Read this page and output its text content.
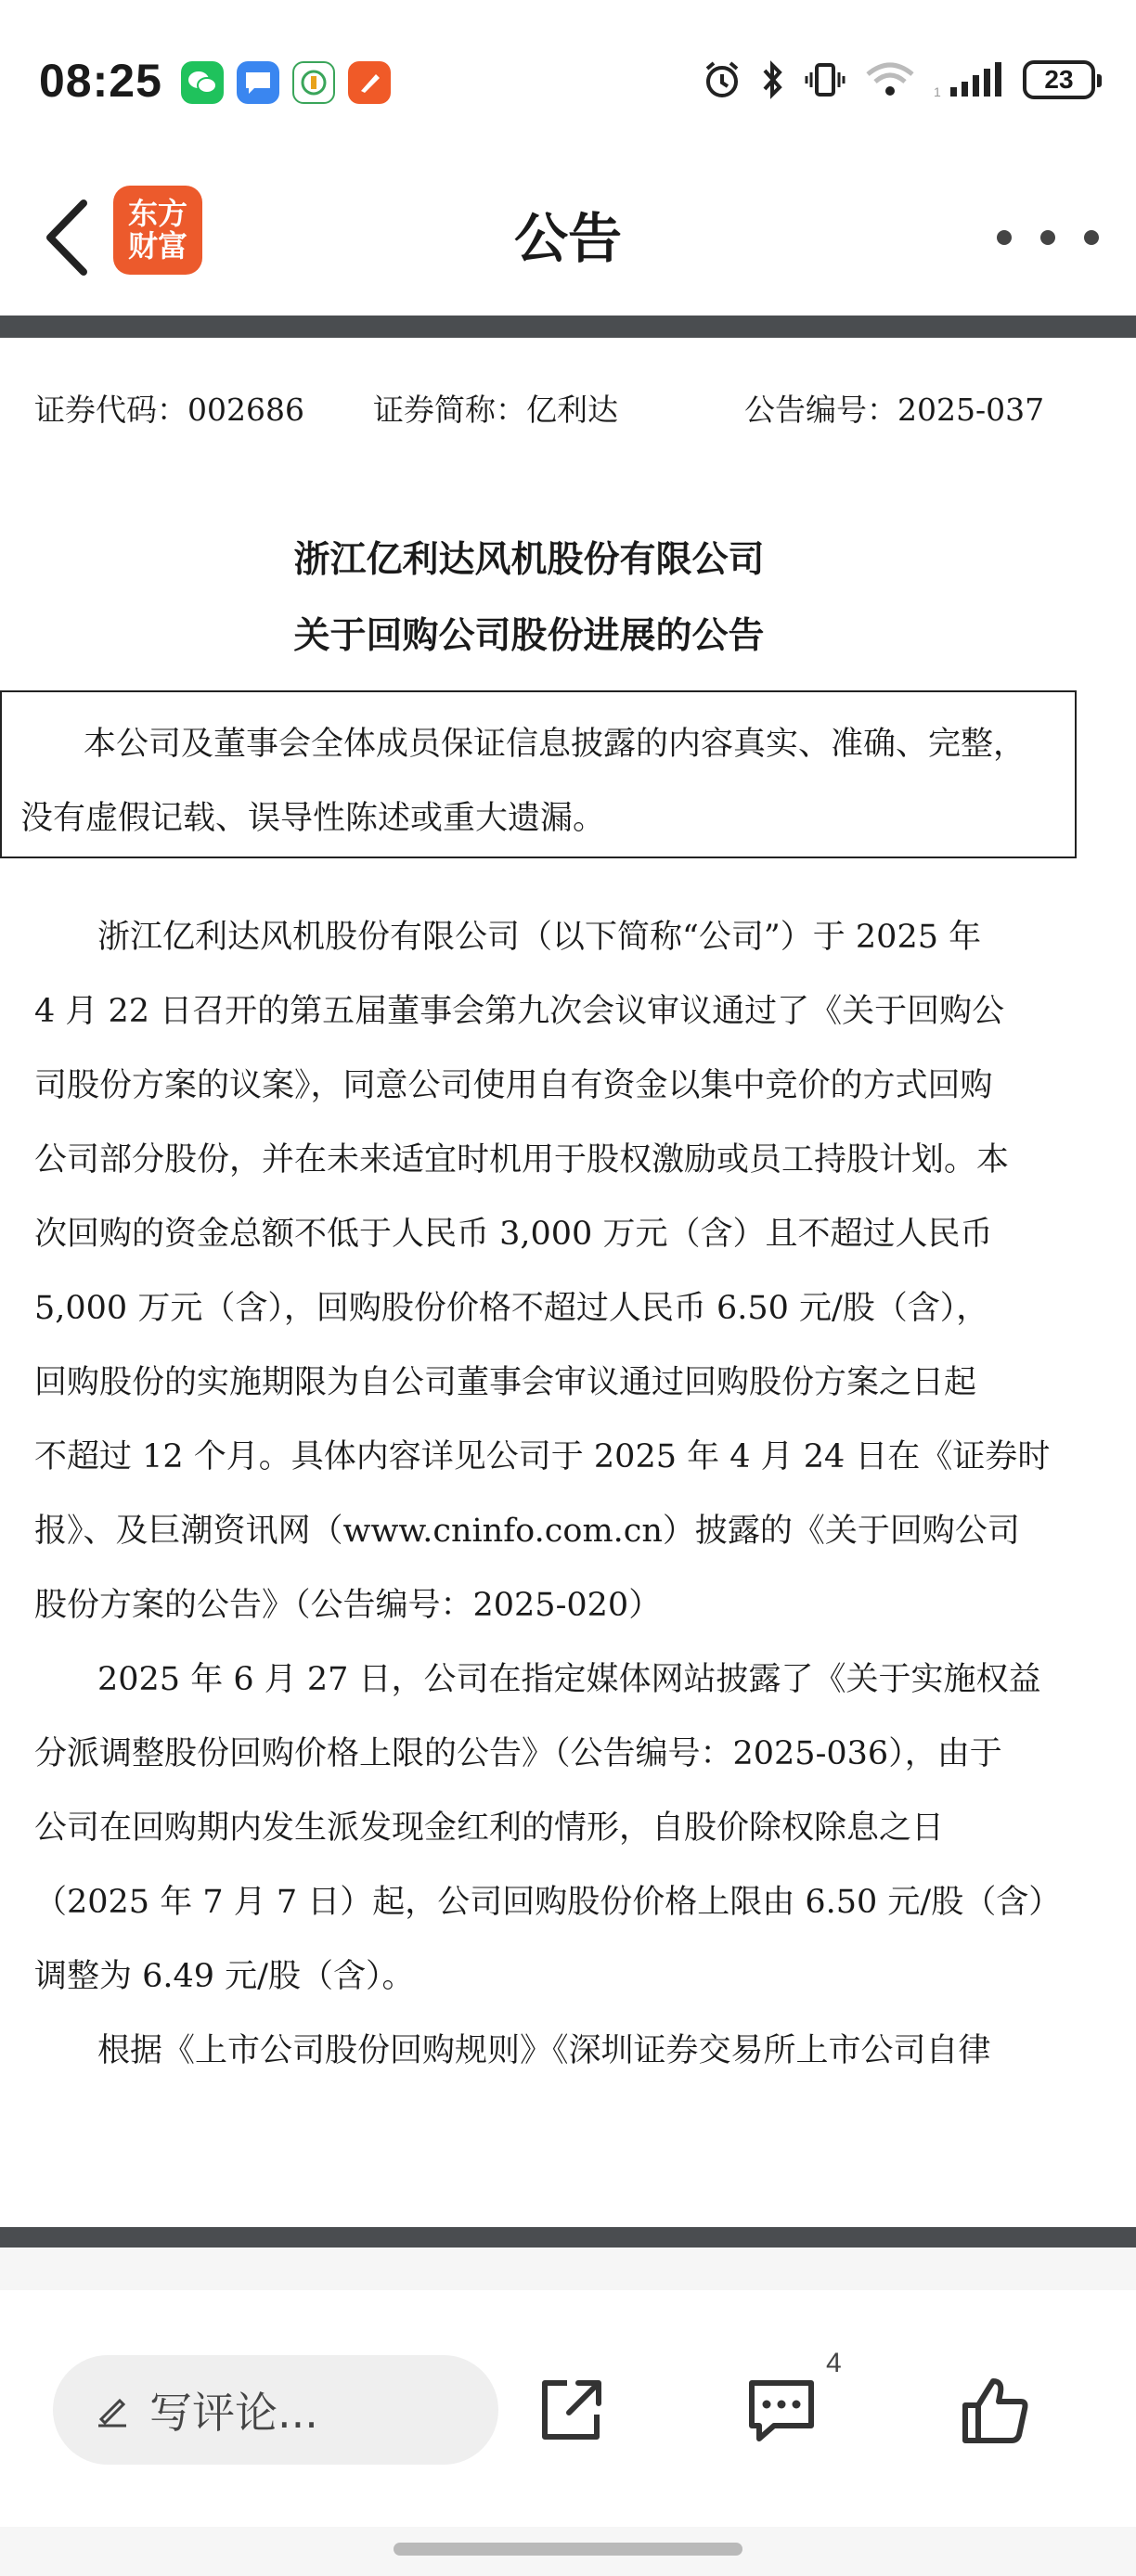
08:25	1	23
东方
财富	公告
证券代码：002686 证券简称：亿利达	公告编号：2025-037
浙江亿利达风机股份有限公司
关于回购公司股份进展的公告
本公司及董事会全体成员保证信息披露的内容真实、准确、完整，
没有虚假记载、误导性陈述或重大遗漏。
浙江亿利达风机股份有限公司（以下简称“公司”）于 2025 年
4 月 22 日召开的第五届董事会第九次会议审议通过了《关于回购公
司股份方案的议案》，同意公司使用自有资金以集中竞价的方式回购
公司部分股份，并在未来适宜时机用于股权激励或员工持股计划。本
次回购的资金总额不低于人民币 3,000 万元（含）且不超过人民币
5,000 万元（含），回购股份价格不超过人民币 6.50 元/股（含），
回购股份的实施期限为自公司董事会审议通过回购股份方案之日起
不超过 12 个月。具体内容详见公司于 2025 年 4 月 24 日在《证券时
报》、及巨潮资讯网（www.cninfo.com.cn）披露的《关于回购公司
股份方案的公告》（公告编号：2025-020）
2025 年 6 月 27 日，公司在指定媒体网站披露了《关于实施权益
分派调整股份回购价格上限的公告》（公告编号：2025-036），由于
公司在回购期内发生派发现金红利的情形，自股价除权除息之日
（2025 年 7 月 7 日）起，公司回购股份价格上限由 6.50 元/股（含）
调整为 6.49 元/股（含）。
根据《上市公司股份回购规则》《深圳证券交易所上市公司自律
写评论...
4
